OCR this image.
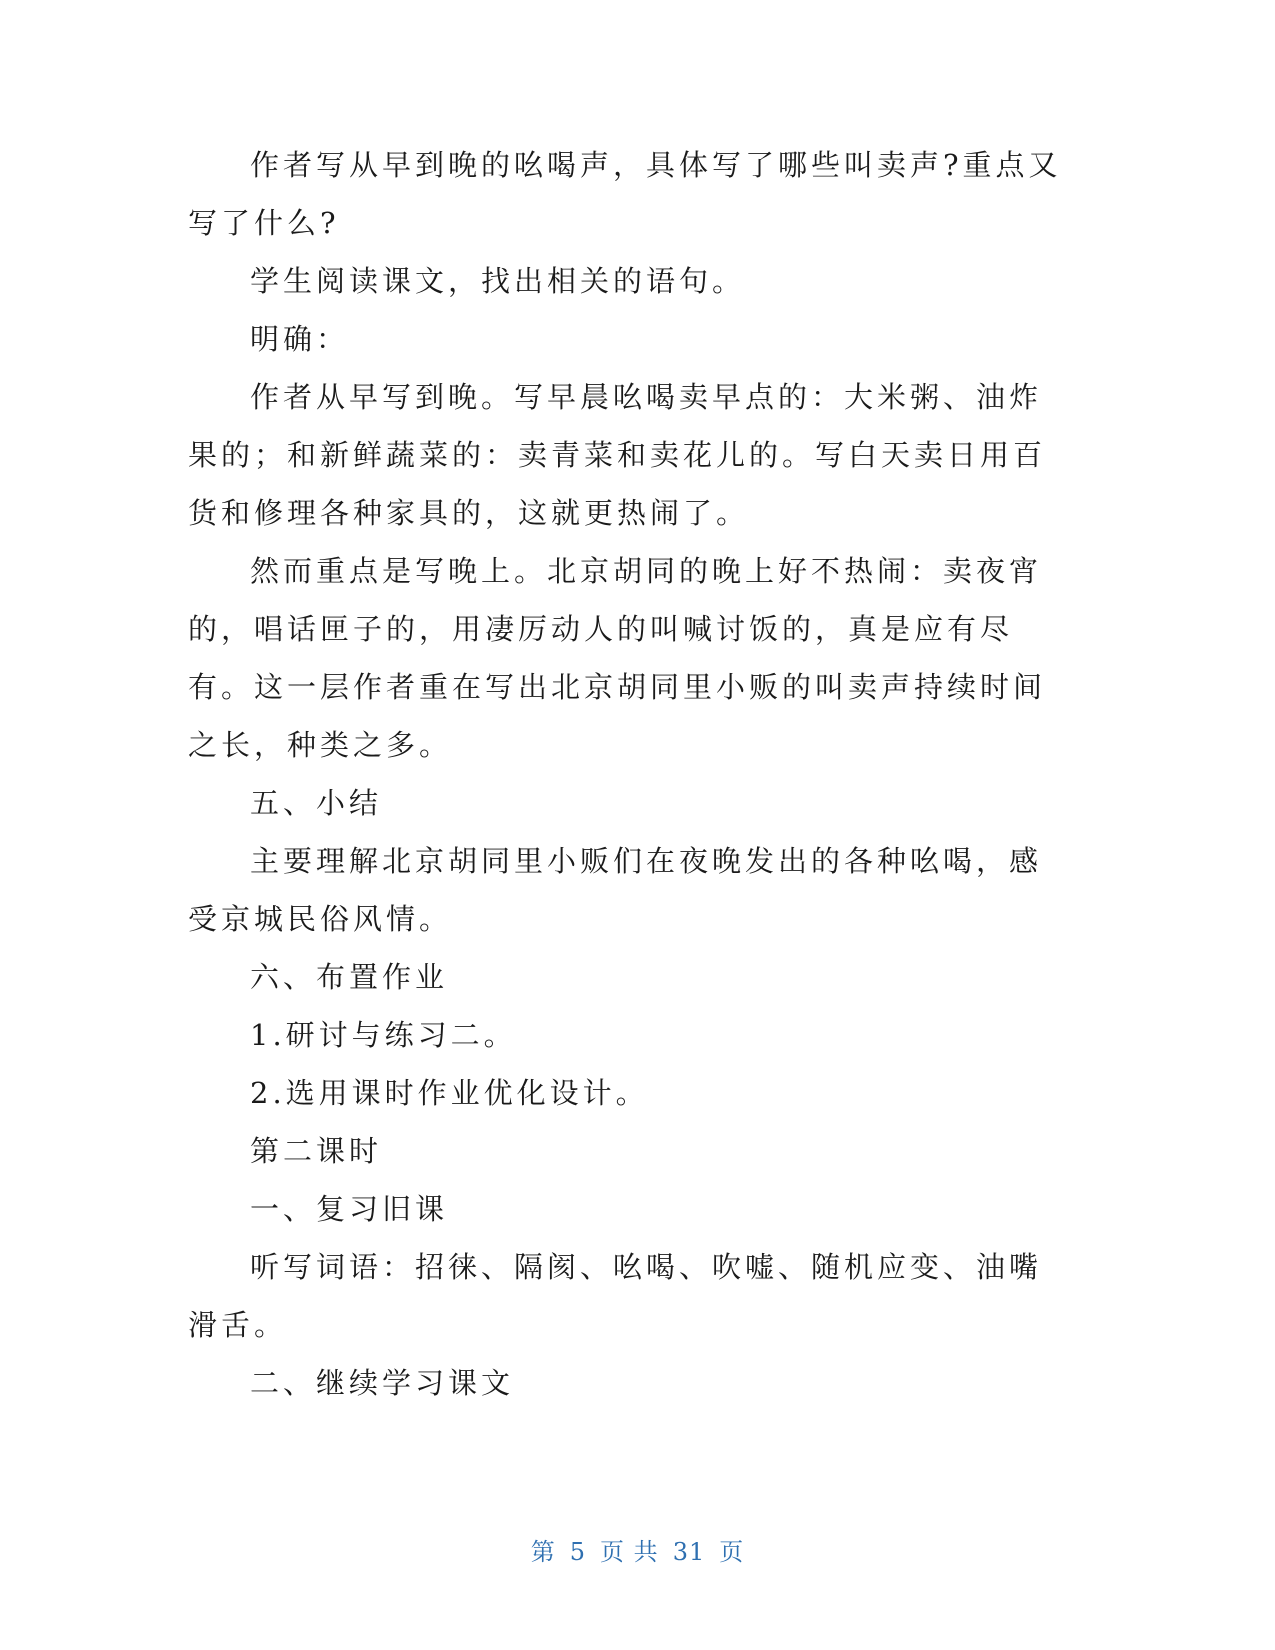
作者写从早到晚的吆喝声，具体写了哪些叫卖声?重点又写了什么?

学生阅读课文，找出相关的语句。

明确：

作者从早写到晚。写早晨吆喝卖早点的：大米粥、油炸果的；和新鲜蔬菜的：卖青菜和卖花儿的。写白天卖日用百货和修理各种家具的，这就更热闹了。

然而重点是写晚上。北京胡同的晚上好不热闹：卖夜宵的，唱话匣子的，用凄厉动人的叫喊讨饭的，真是应有尽有。这一层作者重在写出北京胡同里小贩的叫卖声持续时间之长，种类之多。

五、小结

主要理解北京胡同里小贩们在夜晚发出的各种吆喝，感受京城民俗风情。

六、布置作业

1.研讨与练习二。

2.选用课时作业优化设计。

第二课时

一、复习旧课

听写词语：招徕、隔阂、吆喝、吹嘘、随机应变、油嘴滑舌。

二、继续学习课文

第 5 页 共 31 页
